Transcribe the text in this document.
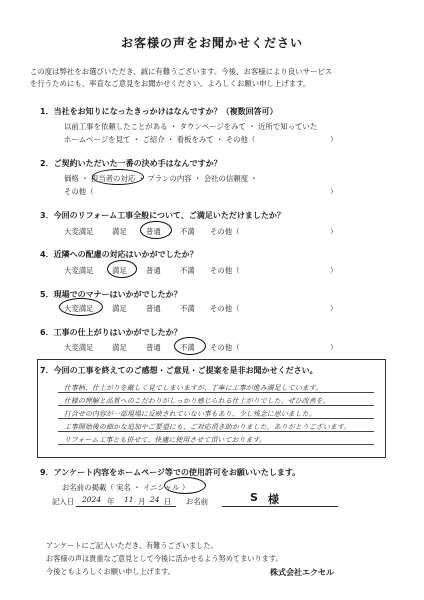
お客様の声をお聞かせください
この度は弊社をお選びいただき、誠に有難うございます。今後、お客様により良いサービス
を行うためにも、率直なご意見をお聞かせください。よろしくお願い申し上げます。
1．当社をお知りになったきっかけはなんですか？（複数回答可）
以前工事を依頼したことがある ・ タウンページをみて ・ 近所で知っていた
ホームページを見て ・ ご紹介 ・ 看板をみて ・ その他（	）
2．ご契約いただいた一番の決め手はなんですか？
価格 ・ 担当者の対応 ・ プランの内容 ・ 会社の信頼度 ・
その他（	）
3．今回のリフォーム工事全般について、ご満足いただけましたか？
大変満足 満足	普通	不満 その他（	）
4．近隣への配慮の対応はいかがでしたか？
大変満足 満足	普通	不満 その他（	）
5．現場でのマナーはいかがでしたか？
大変満足 満足	普通	不満 その他（	）
6．工事の仕上がりはいかがでしたか？
大変満足 満足	普通	不満 その他（	）
7．今回の工事を終えてのご感想・ご意見・ご提案を是非お聞かせください。
仕事柄、仕上がりを厳しく見てしまいますが、丁寧に工事が進み満足しています。
仕様の理解と品質へのこだわりがしっかり感じられる仕上がりでした。ぜひ改善を。
打合せの内容が一部現場に反映されていない事もあり、少し残念に思いました。
工事開始後の細かな追加やご要望にも、ご対応頂き助かりました。ありがとうございます。
リフォーム工事とも併せて、快適に使用させて頂いております。
9．アンケート内容をホームページ等での使用許可をお願いいたします。
お名前の掲載（ 実名 ・ イニシャル ）
記入日 2024 年 11 月 24 日 お名前	S 様
アンケートにご記入いただき、有難うございました。
お客様の声は貴重なご意見として今後に活かせるよう努めてまいります。
今後ともよろしくお願い申し上げます。	株式会社エクセル
